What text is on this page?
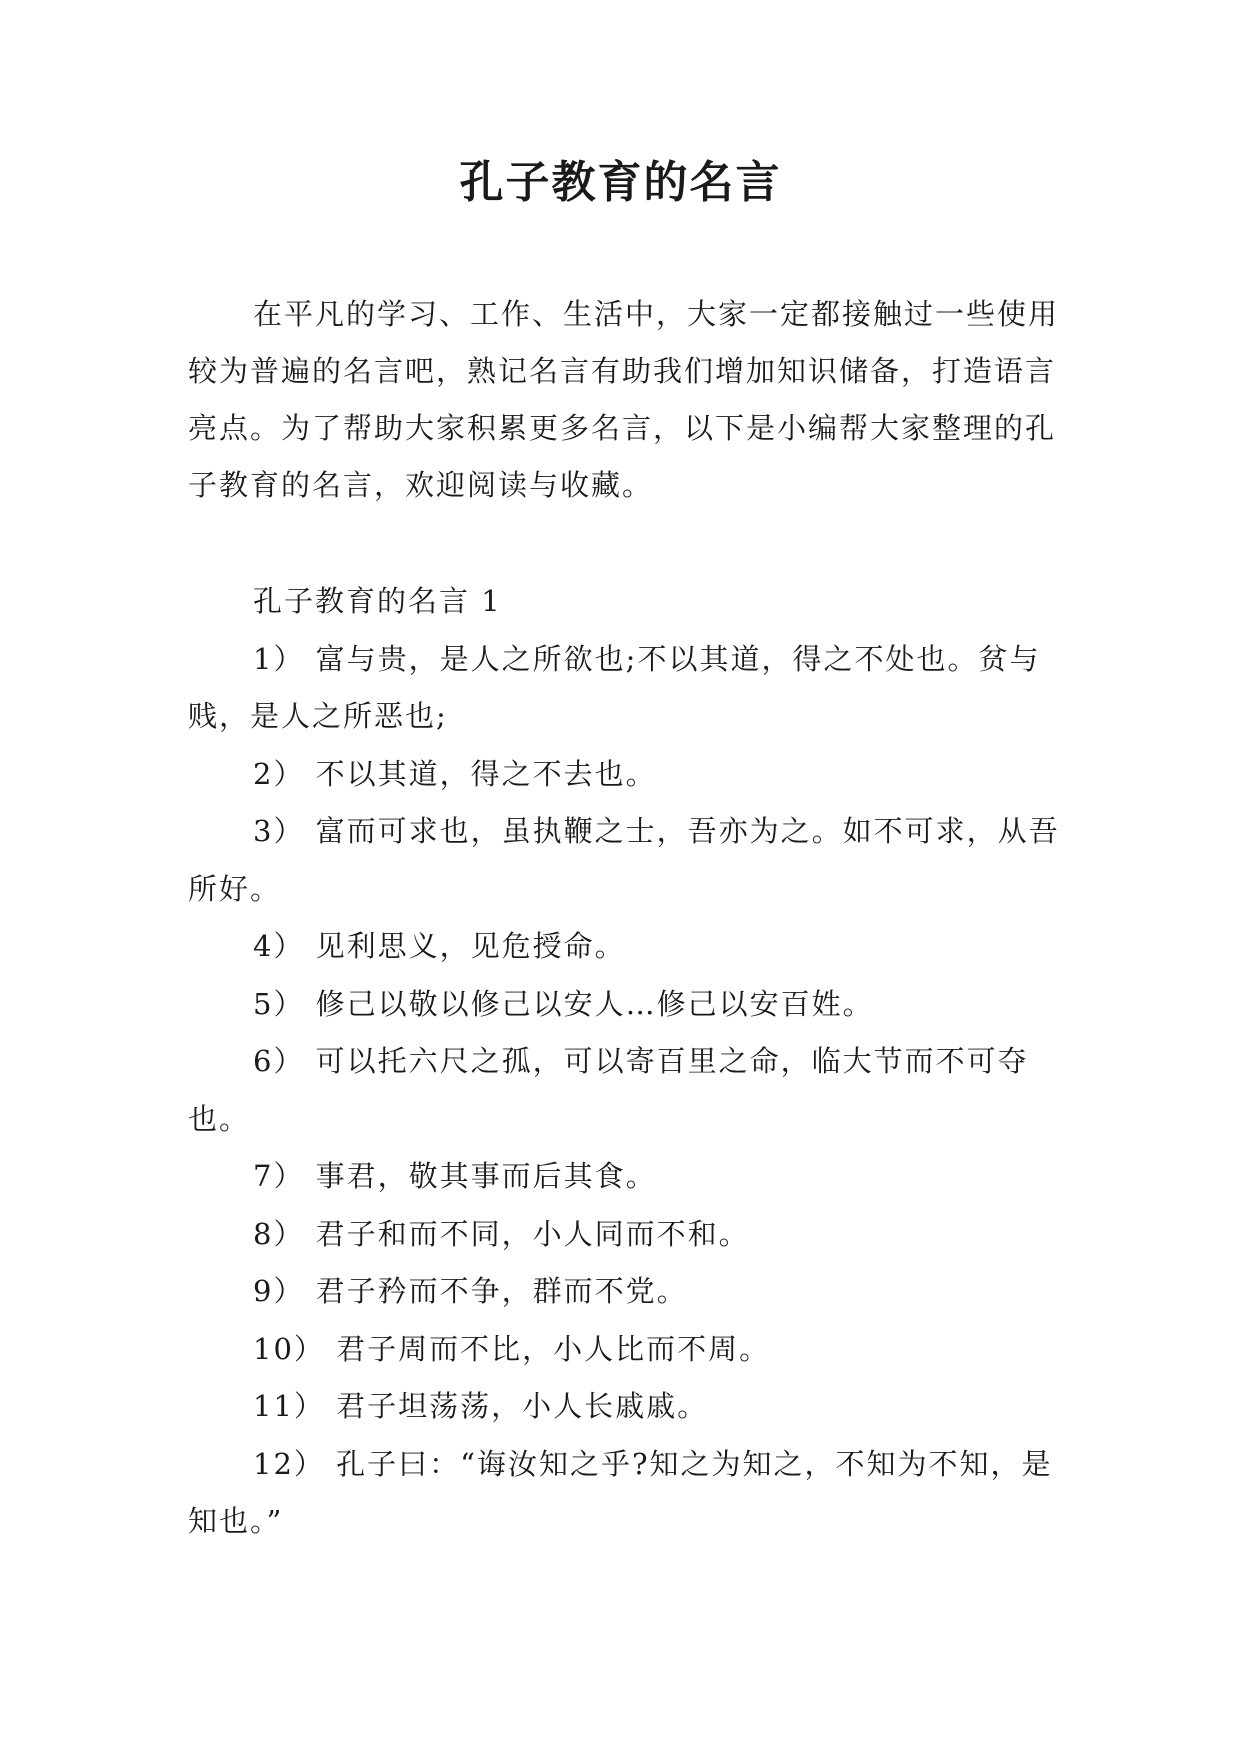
孔子教育的名言

在平凡的学习、工作、生活中，大家一定都接触过一些使用较为普遍的名言吧，熟记名言有助我们增加知识储备，打造语言亮点。为了帮助大家积累更多名言，以下是小编帮大家整理的孔子教育的名言，欢迎阅读与收藏。

孔子教育的名言 1

1） 富与贵，是人之所欲也;不以其道，得之不处也。贫与贱，是人之所恶也;

2） 不以其道，得之不去也。

3） 富而可求也，虽执鞭之士，吾亦为之。如不可求，从吾所好。

4） 见利思义，见危授命。

5） 修己以敬以修己以安人…修己以安百姓。

6） 可以托六尺之孤，可以寄百里之命，临大节而不可夺也。

7） 事君，敬其事而后其食。

8） 君子和而不同，小人同而不和。

9） 君子矜而不争，群而不党。

10） 君子周而不比，小人比而不周。

11） 君子坦荡荡，小人长戚戚。

12） 孔子曰：“诲汝知之乎?知之为知之，不知为不知，是知也。”
